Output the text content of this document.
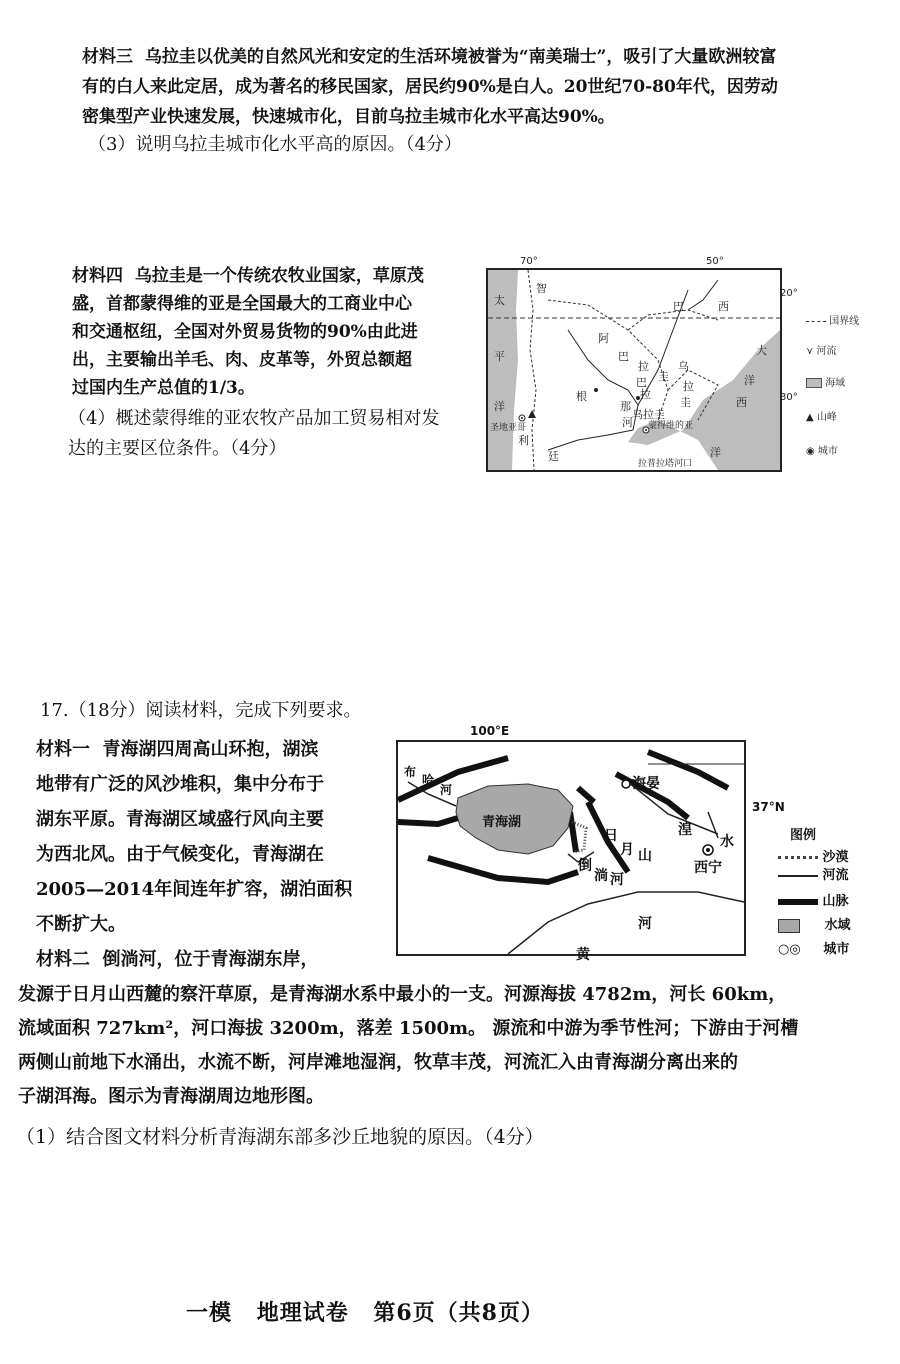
材料三 乌拉圭以优美的自然风光和安定的生活环境被誉为“南美瑞士”，吸引了大量欧洲较富
有的白人来此定居，成为著名的移民国家，居民约90%是白人。20世纪70-80年代，因劳动
密集型产业快速发展，快速城市化，目前乌拉圭城市化水平高达90%。
（3）说明乌拉圭城市化水平高的原因。（4分）
材料四 乌拉圭是一个传统农牧业国家，草原茂
盛，首都蒙得维的亚是全国最大的工商业中心
和交通枢纽，全国对外贸易货物的90%由此进
出，主要输出羊毛、肉、皮革等，外贸总额超
过国内生产总值的1/3。
（4）概述蒙得维的亚农牧产品加工贸易相对发
达的主要区位条件。（4分）
太
平
洋
智
利
巴	西
大
西
洋
阿
根
廷
巴
拉
圭
乌
拉
圭
乌拉圭
巴
拉
那
河
洋
圣地亚哥	蒙得维的亚
拉普拉塔河口
70°	50°
20°
30°
国界线
⋎ 河流
海域
▲ 山峰
◉ 城市
17.（18分）阅读材料，完成下列要求。
材料一 青海湖四周高山环抱，湖滨
地带有广泛的风沙堆积，集中分布于
湖东平原。青海湖区域盛行风向主要
为西北风。由于气候变化，青海湖在
2005—2014年间连年扩容，湖泊面积
不断扩大。
材料二 倒淌河，位于青海湖东岸，
发源于日月山西麓的察汗草原，是青海湖水系中最小的一支。河源海拔 4782m，河长 60km，
流域面积 727km²，河口海拔 3200m，落差 1500m。 源流和中游为季节性河；下游由于河槽
两侧山前地下水涌出，水流不断，河岸滩地湿润，牧草丰茂，河流汇入由青海湖分离出来的
子湖洱海。图示为青海湖周边地形图。
（1）结合图文材料分析青海湖东部多沙丘地貌的原因。（4分）
100°E
青海湖
布
哈
河	海晏
日
月 山
湟
水
西宁
倒
淌 河
河
37°N
黄
图例
沙漠
河流
山脉
水域
○◎ 城市
一模 地理试卷 第6页（共8页）
